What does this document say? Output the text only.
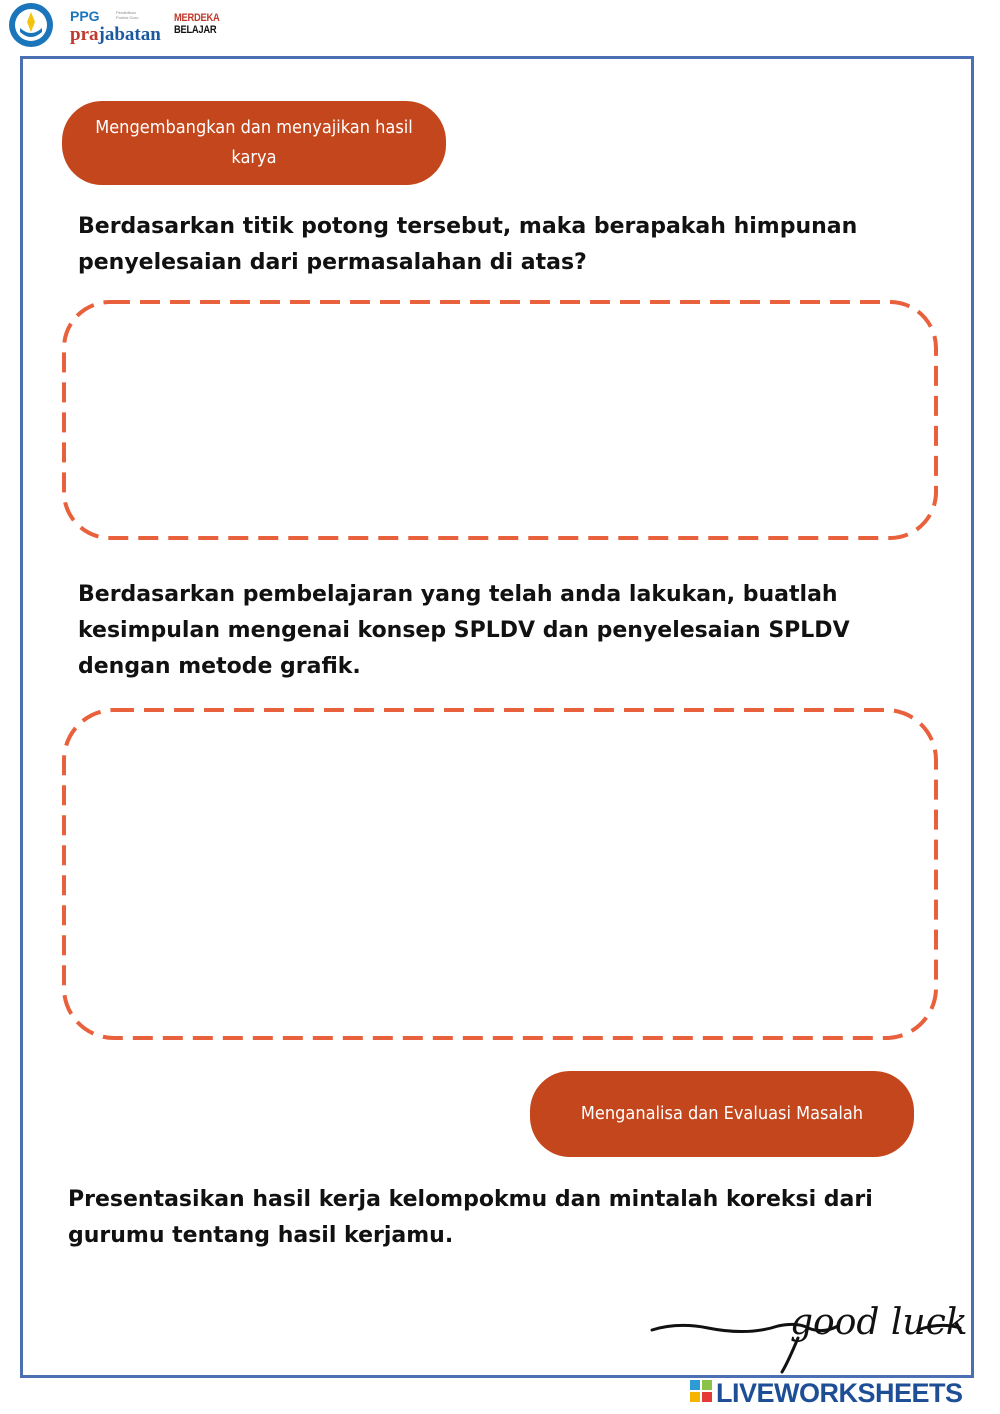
PPG	Pendidikan Profesi Guru
prajabatan
MERDEKA
BELAJAR
Mengembangkan dan menyajikan hasil
karya
Berdasarkan titik potong tersebut, maka berapakah himpunan penyelesaian dari permasalahan di atas?
Berdasarkan pembelajaran yang telah anda lakukan, buatlah kesimpulan mengenai konsep SPLDV dan penyelesaian SPLDV dengan metode grafik.
Menganalisa dan Evaluasi Masalah
Presentasikan hasil kerja kelompokmu dan mintalah koreksi dari gurumu tentang hasil kerjamu.
good luck
LIVEWORKSHEETS
